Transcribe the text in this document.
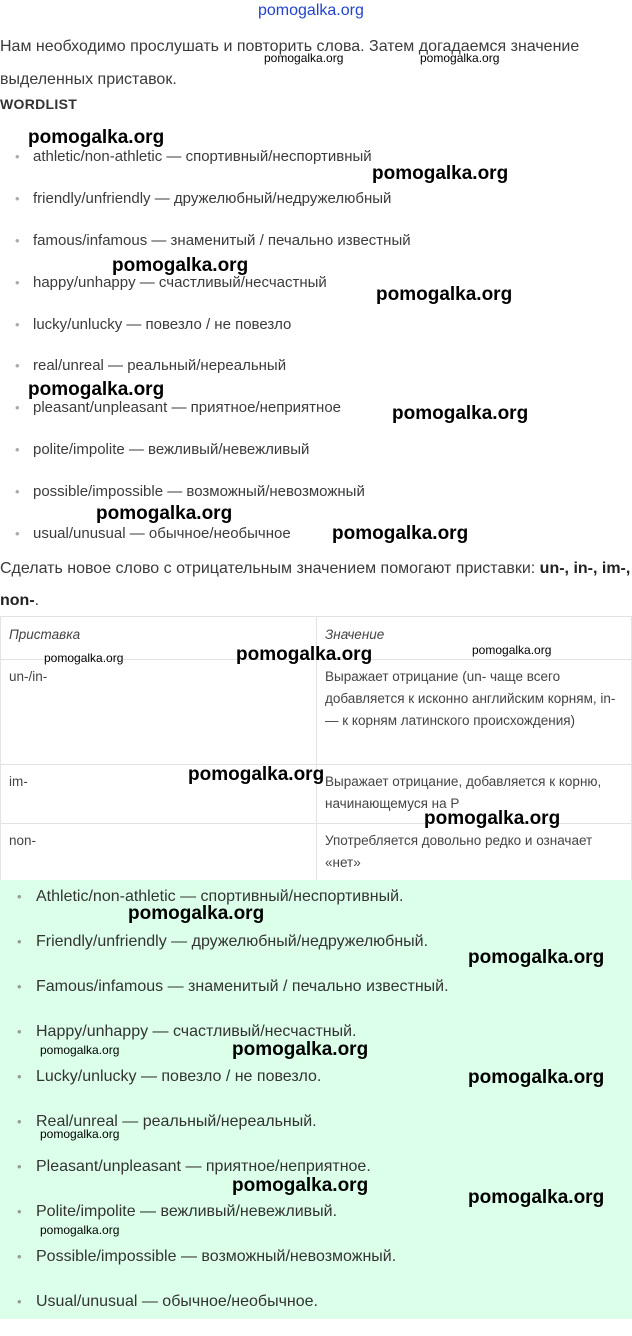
pomogalka.org
Нам необходимо прослушать и повторить слова. Затем догадаемся значение выделенных приставок.
WORDLIST
• athletic/non-athletic — спортивный/неспортивный
• friendly/unfriendly — дружелюбный/недружелюбный
• famous/infamous — знаменитый / печально известный
• happy/unhappy — счастливый/несчастный
• lucky/unlucky — повезло / не повезло
• real/unreal — реальный/нереальный
• pleasant/unpleasant — приятное/неприятное
• polite/impolite — вежливый/невежливый
• possible/impossible — возможный/невозможный
• usual/unusual — обычное/необычное
Сделать новое слово с отрицательным значением помогают приставки: un-, in-, im-, non-.
Приставка	Значение
un-/in-	Выражает отрицание (un- чаще всего добавляется к исконно английским корням, in- — к корням латинского происхождения)
im-	Выражает отрицание, добавляется к корню, начинающемуся на P
non-	Употребляется довольно редко и означает «нет»
• Athletic/non-athletic — спортивный/неспортивный.
• Friendly/unfriendly — дружелюбный/недружелюбный.
• Famous/infamous — знаменитый / печально известный.
• Happy/unhappy — счастливый/несчастный.
• Lucky/unlucky — повезло / не повезло.
• Real/unreal — реальный/нереальный.
• Pleasant/unpleasant — приятное/неприятное.
• Polite/impolite — вежливый/невежливый.
• Possible/impossible — возможный/невозможный.
• Usual/unusual — обычное/необычное.
pomogalka.org	pomogalka.org
pomogalka.org
pomogalka.org
pomogalka.org
pomogalka.org
pomogalka.org
pomogalka.org
pomogalka.org
pomogalka.org
pomogalka.org
pomogalka.org
pomogalka.org
pomogalka.org
pomogalka.org
pomogalka.org
pomogalka.org
pomogalka.org	pomogalka.org
pomogalka.org
pomogalka.org
pomogalka.org
pomogalka.org
pomogalka.org
